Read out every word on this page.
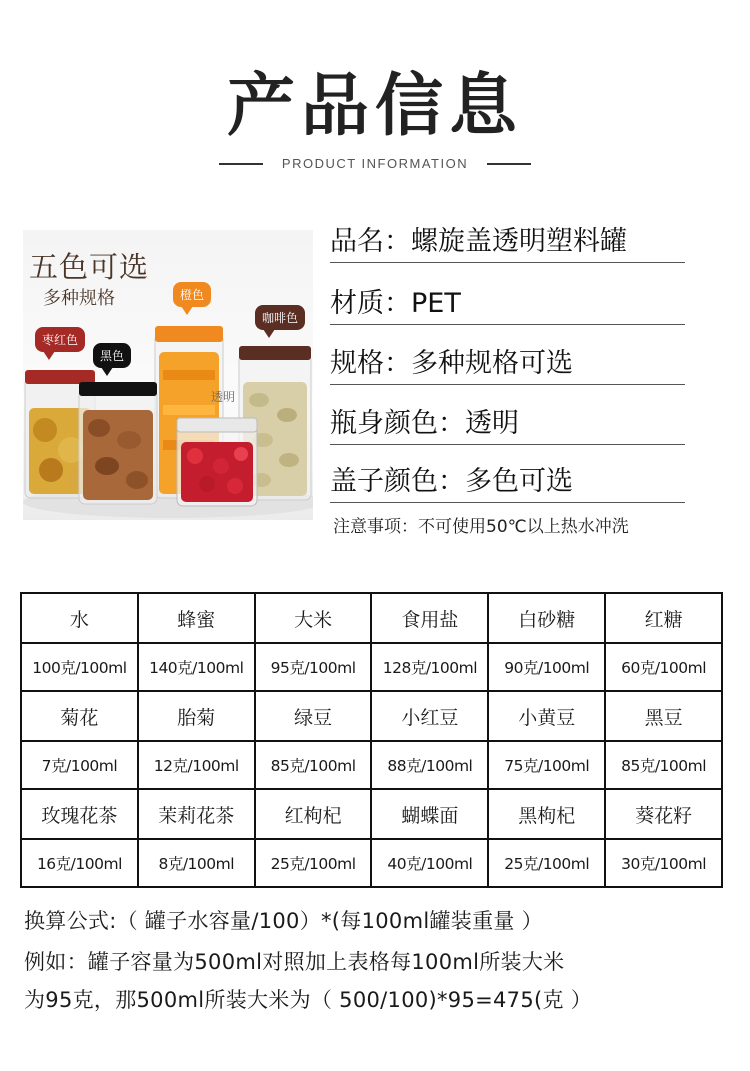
产品信息
PRODUCT INFORMATION
五色可选
多种规格
枣红色
黑色
橙色
咖啡色
透明
品名：螺旋盖透明塑料罐
材质：PET
规格：多种规格可选
瓶身颜色：透明
盖子颜色：多色可选
注意事项：不可使用50℃以上热水冲洗
水	蜂蜜	大米	食用盐	白砂糖	红糖
100克/100ml	140克/100ml	95克/100ml	128克/100ml	90克/100ml	60克/100ml
菊花	胎菊	绿豆	小红豆	小黄豆	黑豆
7克/100ml	12克/100ml	85克/100ml	88克/100ml	75克/100ml	85克/100ml
玫瑰花茶	茉莉花茶	红枸杞	蝴蝶面	黑枸杞	葵花籽
16克/100ml	8克/100ml	25克/100ml	40克/100ml	25克/100ml	30克/100ml
换算公式:（ 罐子水容量/100）*(每100ml罐装重量 ）
例如：罐子容量为500ml对照加上表格每100ml所装大米
为95克，那500ml所装大米为（ 500/100)*95=475(克 ）
